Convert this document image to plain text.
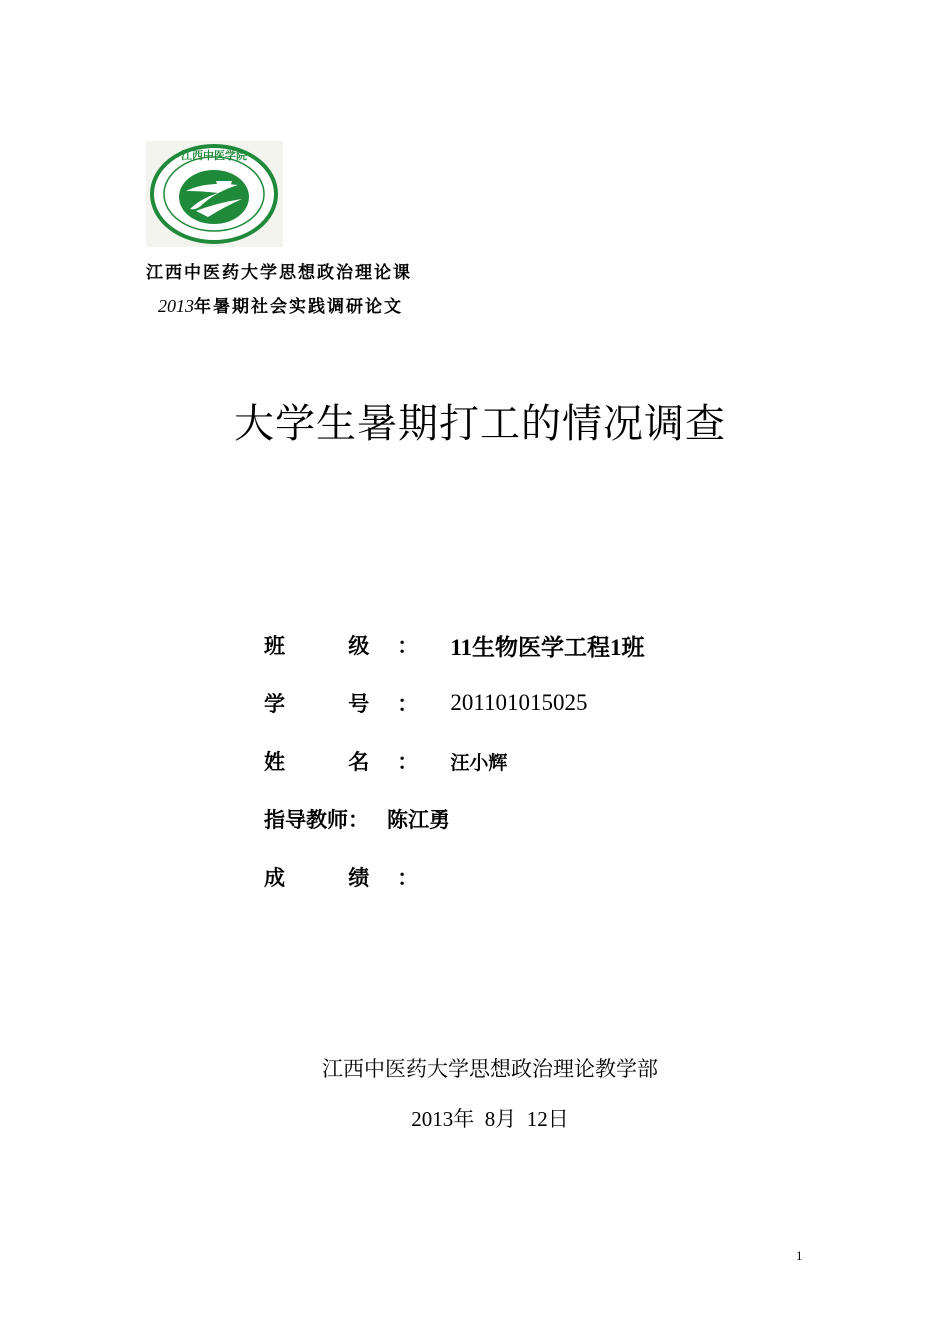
江西中医学院
江西中医药大学思想政治理论课
2013年暑期社会实践调研论文
大学生暑期打工的情况调查
班 级： 11生物医学工程1班
学 号： 201101015025
姓 名： 汪小辉
指导教师： 陈江勇
成 绩：
江西中医药大学思想政治理论教学部
2013年  8月  12日
1
